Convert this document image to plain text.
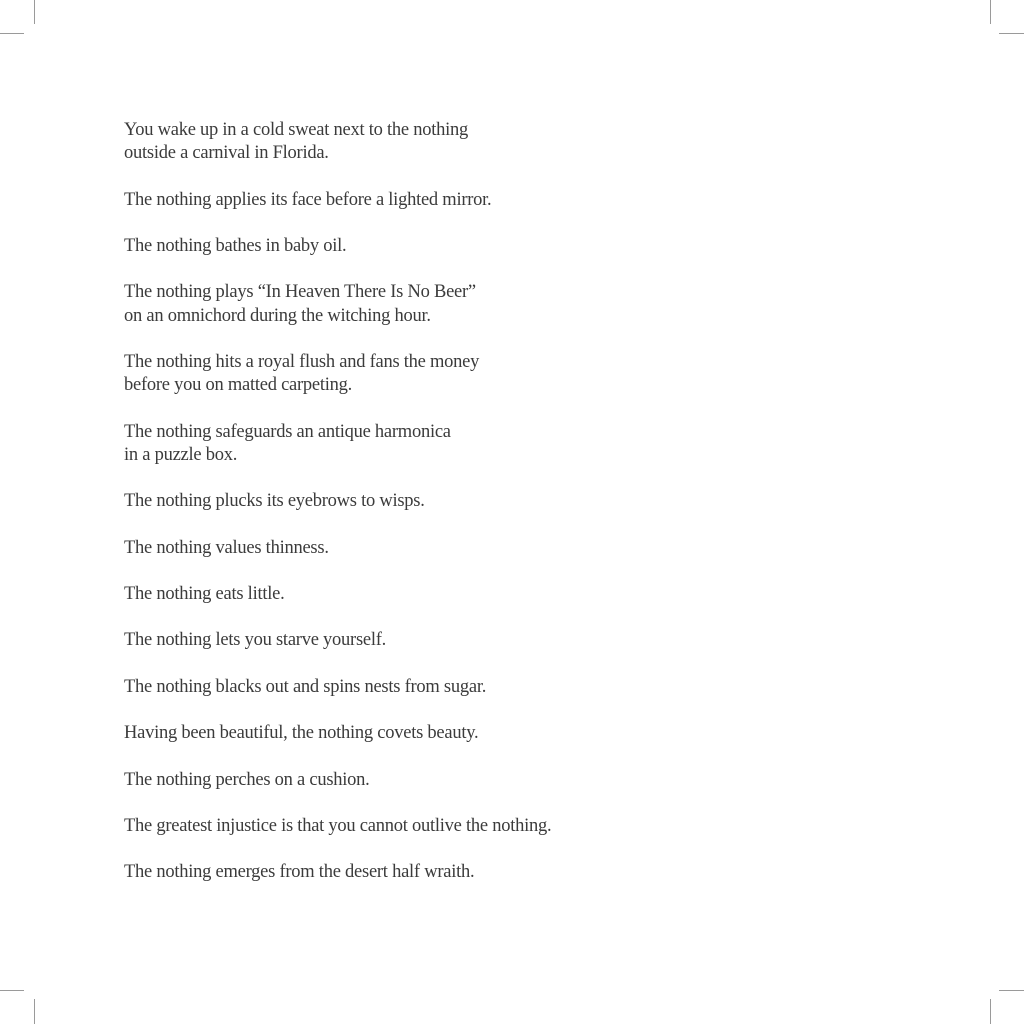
You wake up in a cold sweat next to the nothing
outside a carnival in Florida.
The nothing applies its face before a lighted mirror.
The nothing bathes in baby oil.
The nothing plays “In Heaven There Is No Beer”
on an omnichord during the witching hour.
The nothing hits a royal flush and fans the money
before you on matted carpeting.
The nothing safeguards an antique harmonica
in a puzzle box.
The nothing plucks its eyebrows to wisps.
The nothing values thinness.
The nothing eats little.
The nothing lets you starve yourself.
The nothing blacks out and spins nests from sugar.
Having been beautiful, the nothing covets beauty.
The nothing perches on a cushion.
The greatest injustice is that you cannot outlive the nothing.
The nothing emerges from the desert half wraith.
